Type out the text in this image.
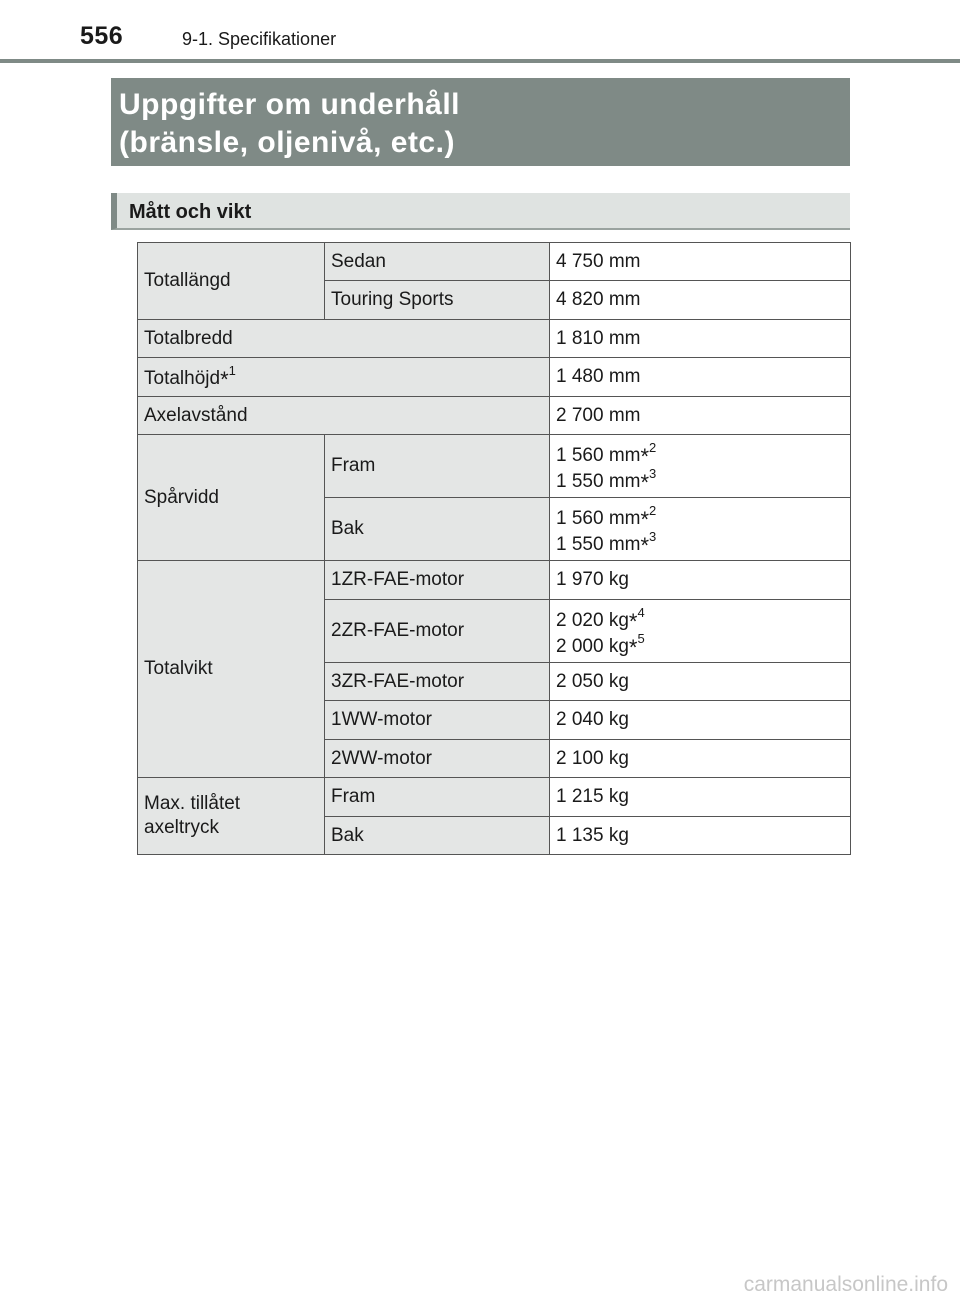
556	9-1. Specifikationer
Uppgifter om underhåll
(bränsle, oljenivå, etc.)
Mått och vikt
Totallängd	Sedan	4 750 mm
	Touring Sports	4 820 mm
Totalbredd		1 810 mm
Totalhöjd*$^1$		1 480 mm
Axelavstånd		2 700 mm
Spårvidd	Fram	1 560 mm*$^2$
1 550 mm*$^3$

	Bak	1 560 mm*$^2$
1 550 mm*$^3$

Totalvikt	1ZR-FAE-motor	1 970 kg
	2ZR-FAE-motor	2 020 kg*$^4$
2 000 kg*$^5$

	3ZR-FAE-motor	2 050 kg
	1WW-motor	2 040 kg
	2WW-motor	2 100 kg

Max. tillåtet
axeltryck	Fram	1 215 kg
	Bak	1 135 kg
carmanualsonline.info
